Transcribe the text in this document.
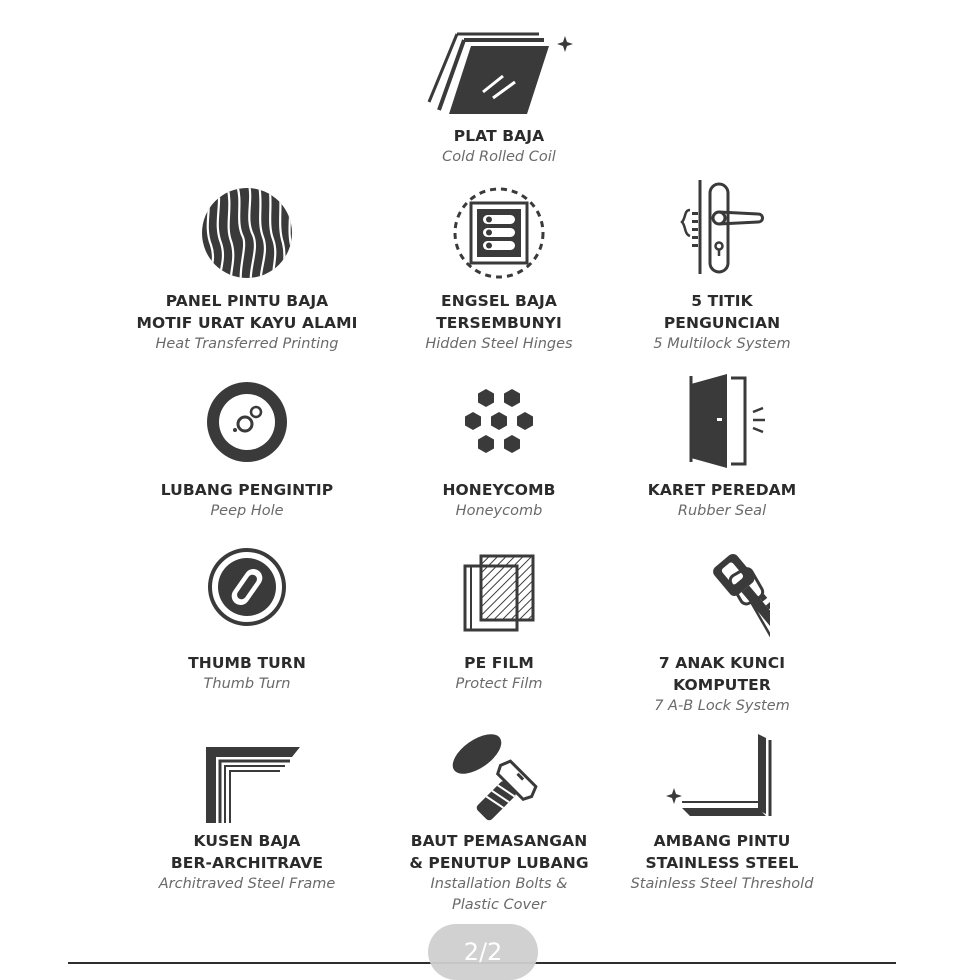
PLAT BAJA
Cold Rolled Coil
PANEL PINTU BAJA
MOTIF URAT KAYU ALAMI
Heat Transferred Printing
ENGSEL BAJA
TERSEMBUNYI
Hidden Steel Hinges
5 TITIK
PENGUNCIAN
5 Multilock System
LUBANG PENGINTIP
Peep Hole
HONEYCOMB
Honeycomb
KARET PEREDAM
Rubber Seal
THUMB TURN
Thumb Turn
PE FILM
Protect Film
7 ANAK KUNCI
KOMPUTER
7 A-B Lock System
KUSEN BAJA
BER-ARCHITRAVE
Architraved Steel Frame
BAUT PEMASANGAN
& PENUTUP LUBANG
Installation Bolts &
Plastic Cover
AMBANG PINTU
STAINLESS STEEL
Stainless Steel Threshold
2/2
